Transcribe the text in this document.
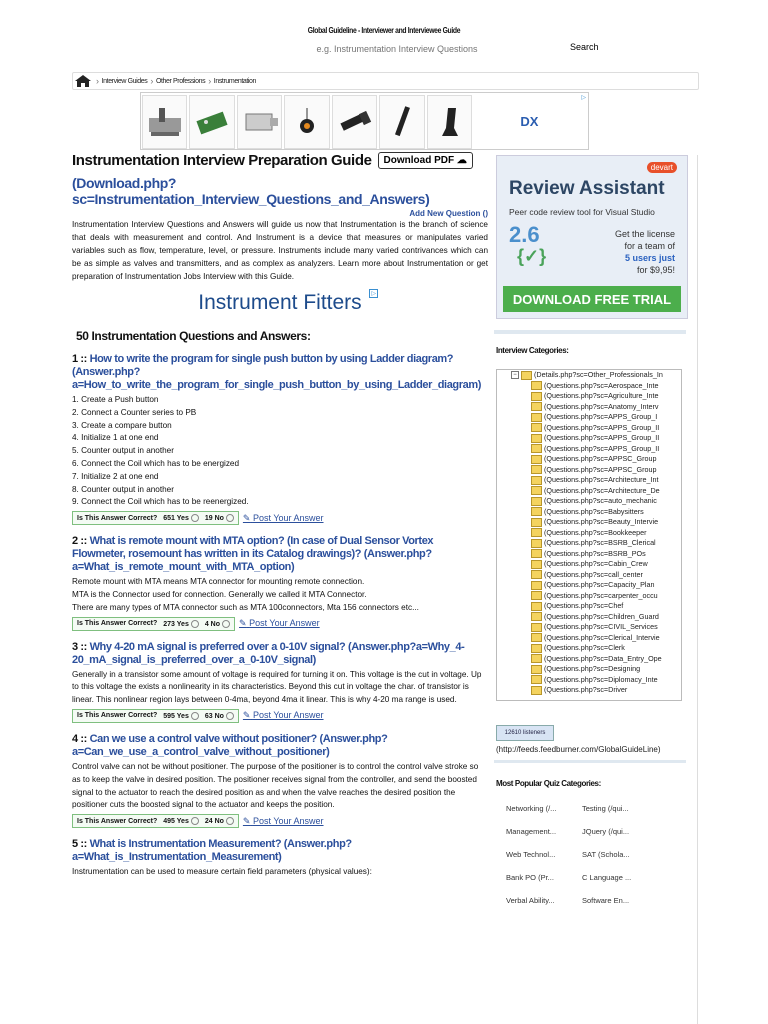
Global Guideline - Interviewer and Interviewee Guide
e.g. Instrumentation Interview Questions
Search
› Interview Guides › Other Professions › Instrumentation
DX
▷
Instrumentation Interview Preparation Guide	Download PDF ☁
(Download.php?sc=Instrumentation_Interview_Questions_and_Answers)
Add New Question ()
Instrumentation Interview Questions and Answers will guide us now that Instrumentation is the branch of science that deals with measurement and control. And Instrument is a device that measures or manipulates varied variables such as flow, temperature, level, or pressure. Instruments include many varied contrivances which can be as simple as valves and transmitters, and as complex as analyzers. Learn more about Instrumentation or get preparation of Instrumentation Jobs Interview with this Guide.
Instrument Fitters	▷
50 Instrumentation Questions and Answers:
1 :: How to write the program for single push button by using Ladder diagram? (Answer.php?a=How_to_write_the_program_for_single_push_button_by_using_Ladder_diagram)

1. Create a Push button

2. Connect a Counter series to PB

3. Create a compare button

4. Initialize 1 at one end

5. Counter output in another

6. Connect the Coil which has to be energized

7. Initialize 2 at one end

8. Counter output in another

9. Connect the Coil which has to be reenergized.

Is This Answer Correct? 651 Yes	19 No	✎ Post Your Answer
2 :: What is remote mount with MTA option? (In case of Dual Sensor Vortex Flowmeter, rosemount has written in its Catalog drawings)? (Answer.php?a=What_is_remote_mount_with_MTA_option)

Remote mount with MTA means MTA connector for mounting remote connection.

MTA is the Connector used for connection. Generally we called it MTA Connector.

There are many types of MTA connector such as MTA 100connectors, Mta 156 connectors etc...

Is This Answer Correct? 273 Yes	4 No	✎ Post Your Answer
3 :: Why 4-20 mA signal is preferred over a 0-10V signal? (Answer.php?a=Why_4-20_mA_signal_is_preferred_over_a_0-10V_signal)

Generally in a transistor some amount of voltage is required for turning it on. This voltage is the cut in voltage. Up to this voltage the exists a nonlinearity in its characteristics. Beyond this cut in voltage the char. of transistor is linear. This nonlinear region lays between 0-4ma, beyond 4ma it linear. This is why 4-20 ma range is used.

Is This Answer Correct? 595 Yes	63 No	✎ Post Your Answer
4 :: Can we use a control valve without positioner? (Answer.php?a=Can_we_use_a_control_valve_without_positioner)

Control valve can not be without positioner. The purpose of the positioner is to control the control valve stroke so as to keep the valve in desired position. The positioner receives signal from the controller, and send the boosted signal to the actuator to reach the desired position as and when the valve reaches the desired position the positioner cuts the boosted signal to the actuator and keeps the position.

Is This Answer Correct? 495 Yes	24 No	✎ Post Your Answer
5 :: What is Instrumentation Measurement? (Answer.php?a=What_is_Instrumentation_Measurement)

Instrumentation can be used to measure certain field parameters (physical values):

devart
Review Assistant
Peer code review tool for Visual Studio
2.6
{✓}
Get the license
for a team of
5 users just
for $9,95!
DOWNLOAD FREE TRIAL
Interview Categories:
− (Details.php?sc=Other_Professionals_In
(Questions.php?sc=Aerospace_Inte
(Questions.php?sc=Agriculture_Inte
(Questions.php?sc=Anatomy_Interv
(Questions.php?sc=APPS_Group_I
(Questions.php?sc=APPS_Group_II
(Questions.php?sc=APPS_Group_II
(Questions.php?sc=APPS_Group_II
(Questions.php?sc=APPSC_Group
(Questions.php?sc=APPSC_Group
(Questions.php?sc=Architecture_Int
(Questions.php?sc=Architecture_De
(Questions.php?sc=auto_mechanic
(Questions.php?sc=Babysitters
(Questions.php?sc=Beauty_Intervie
(Questions.php?sc=Bookkeeper
(Questions.php?sc=BSRB_Clerical
(Questions.php?sc=BSRB_POs
(Questions.php?sc=Cabin_Crew
(Questions.php?sc=call_center
(Questions.php?sc=Capacity_Plan
(Questions.php?sc=carpenter_occu
(Questions.php?sc=Chef
(Questions.php?sc=Children_Guard
(Questions.php?sc=CIVIL_Services
(Questions.php?sc=Clerical_Intervie
(Questions.php?sc=Clerk
(Questions.php?sc=Data_Entry_Ope
(Questions.php?sc=Designing
(Questions.php?sc=Diplomacy_Inte
(Questions.php?sc=Driver
12610 listeners
(http://feeds.feedburner.com/GlobalGuideLine)
Most Popular Quiz Categories:
Networking (/...	Testing (/qui...
Management...	JQuery (/qui...
Web Technol...	SAT (Schola...
Bank PO (Pr...	C Language ...
Verbal Ability...	Software En...
